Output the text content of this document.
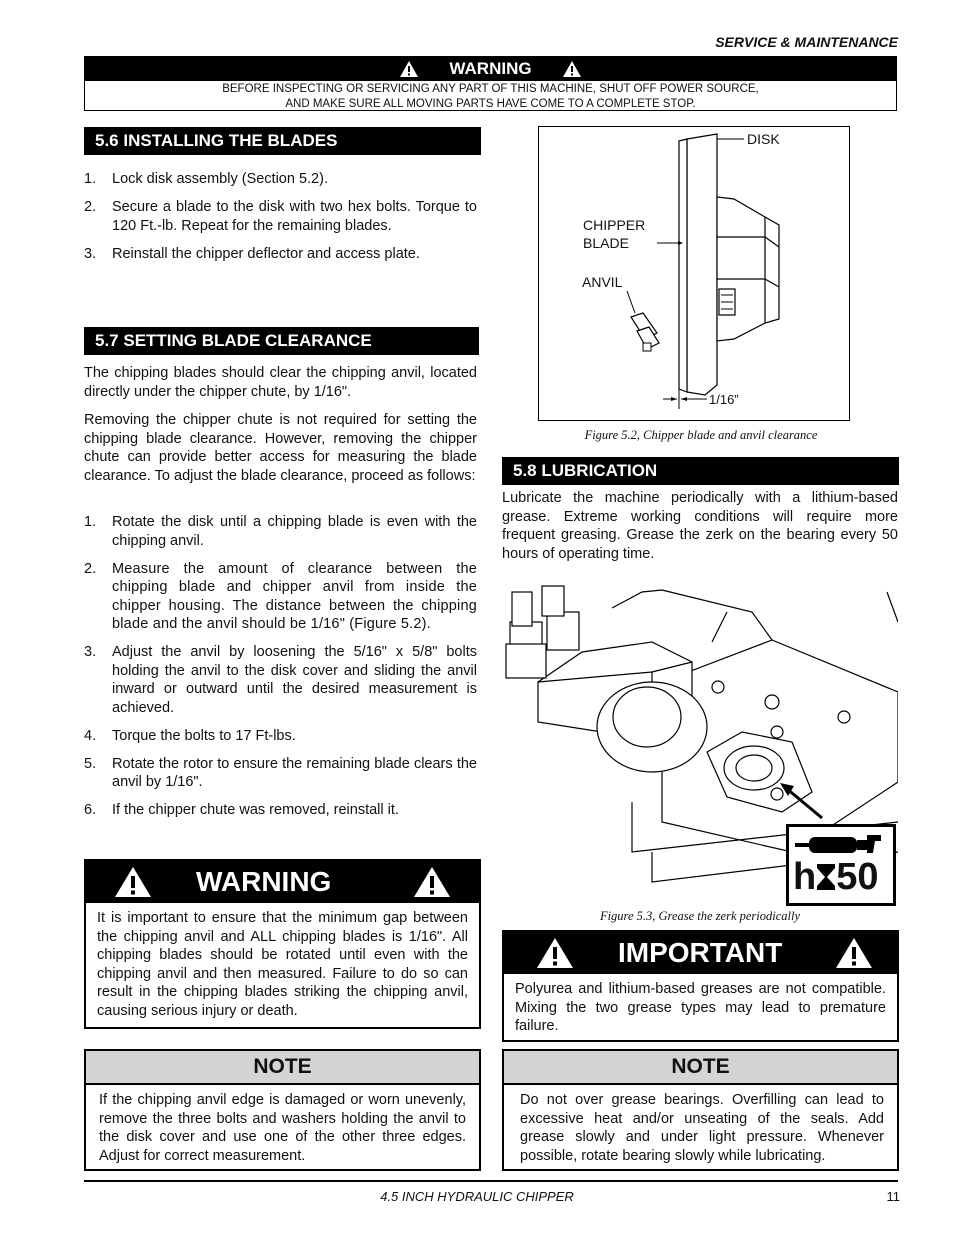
SERVICE & MAINTENANCE
WARNING
BEFORE INSPECTING OR SERVICING ANY PART OF THIS MACHINE, SHUT OFF POWER SOURCE,
AND MAKE SURE ALL MOVING PARTS HAVE COME TO A COMPLETE STOP.
5.6 INSTALLING THE BLADES
1. Lock disk assembly (Section 5.2).
2. Secure a blade to the disk with two hex bolts. Torque to 120 Ft.-lb. Repeat for the remaining blades.
3. Reinstall the chipper deflector and access plate.
5.7 SETTING BLADE CLEARANCE
The chipping blades should clear the chipping anvil, located directly under the chipper chute, by 1/16".
Removing the chipper chute is not required for setting the chipping blade clearance. However, removing the chipper chute can provide better access for measuring the blade clearance. To adjust the blade clearance, proceed as follows:
1. Rotate the disk until a chipping blade is even with the chipping anvil.
2. Measure the amount of clearance between the chipping blade and chipper anvil from inside the chipper housing. The distance between the chipping blade and the anvil should be 1/16" (Figure 5.2).
3. Adjust the anvil by loosening the 5/16" x 5/8" bolts holding the anvil to the disk cover and sliding the anvil inward or outward until the desired measurement is achieved.
4. Torque the bolts to 17 Ft-lbs.
5. Rotate the rotor to ensure the remaining blade clears the anvil by 1/16".
6. If the chipper chute was removed, reinstall it.
WARNING
It is important to ensure that the minimum gap between the chipping anvil and ALL chipping blades is 1/16". All chipping blades should be rotated until even with the chipping anvil and then measured. Failure to do so can result in the chipping blades striking the chipping anvil, causing serious injury or death.
NOTE
If the chipping anvil edge is damaged or worn unevenly, remove the three bolts and washers holding the anvil to the disk cover and use one of the other three edges. Adjust for correct measurement.
DISK
CHIPPER
BLADE
ANVIL
1/16”
Figure 5.2, Chipper blade and anvil clearance
5.8 LUBRICATION
Lubricate the machine periodically with a lithium-based grease. Extreme working conditions will require more frequent greasing. Grease the zerk on the bearing every 50 hours of operating time.
h 50
Figure 5.3, Grease the zerk periodically
IMPORTANT
Polyurea and lithium-based greases are not compatible. Mixing the two grease types may lead to premature failure.
NOTE
Do not over grease bearings. Overfilling can lead to excessive heat and/or unseating of the seals. Add grease slowly and under light pressure. Whenever possible, rotate bearing slowly while lubricating.
4.5 INCH HYDRAULIC CHIPPER	11
